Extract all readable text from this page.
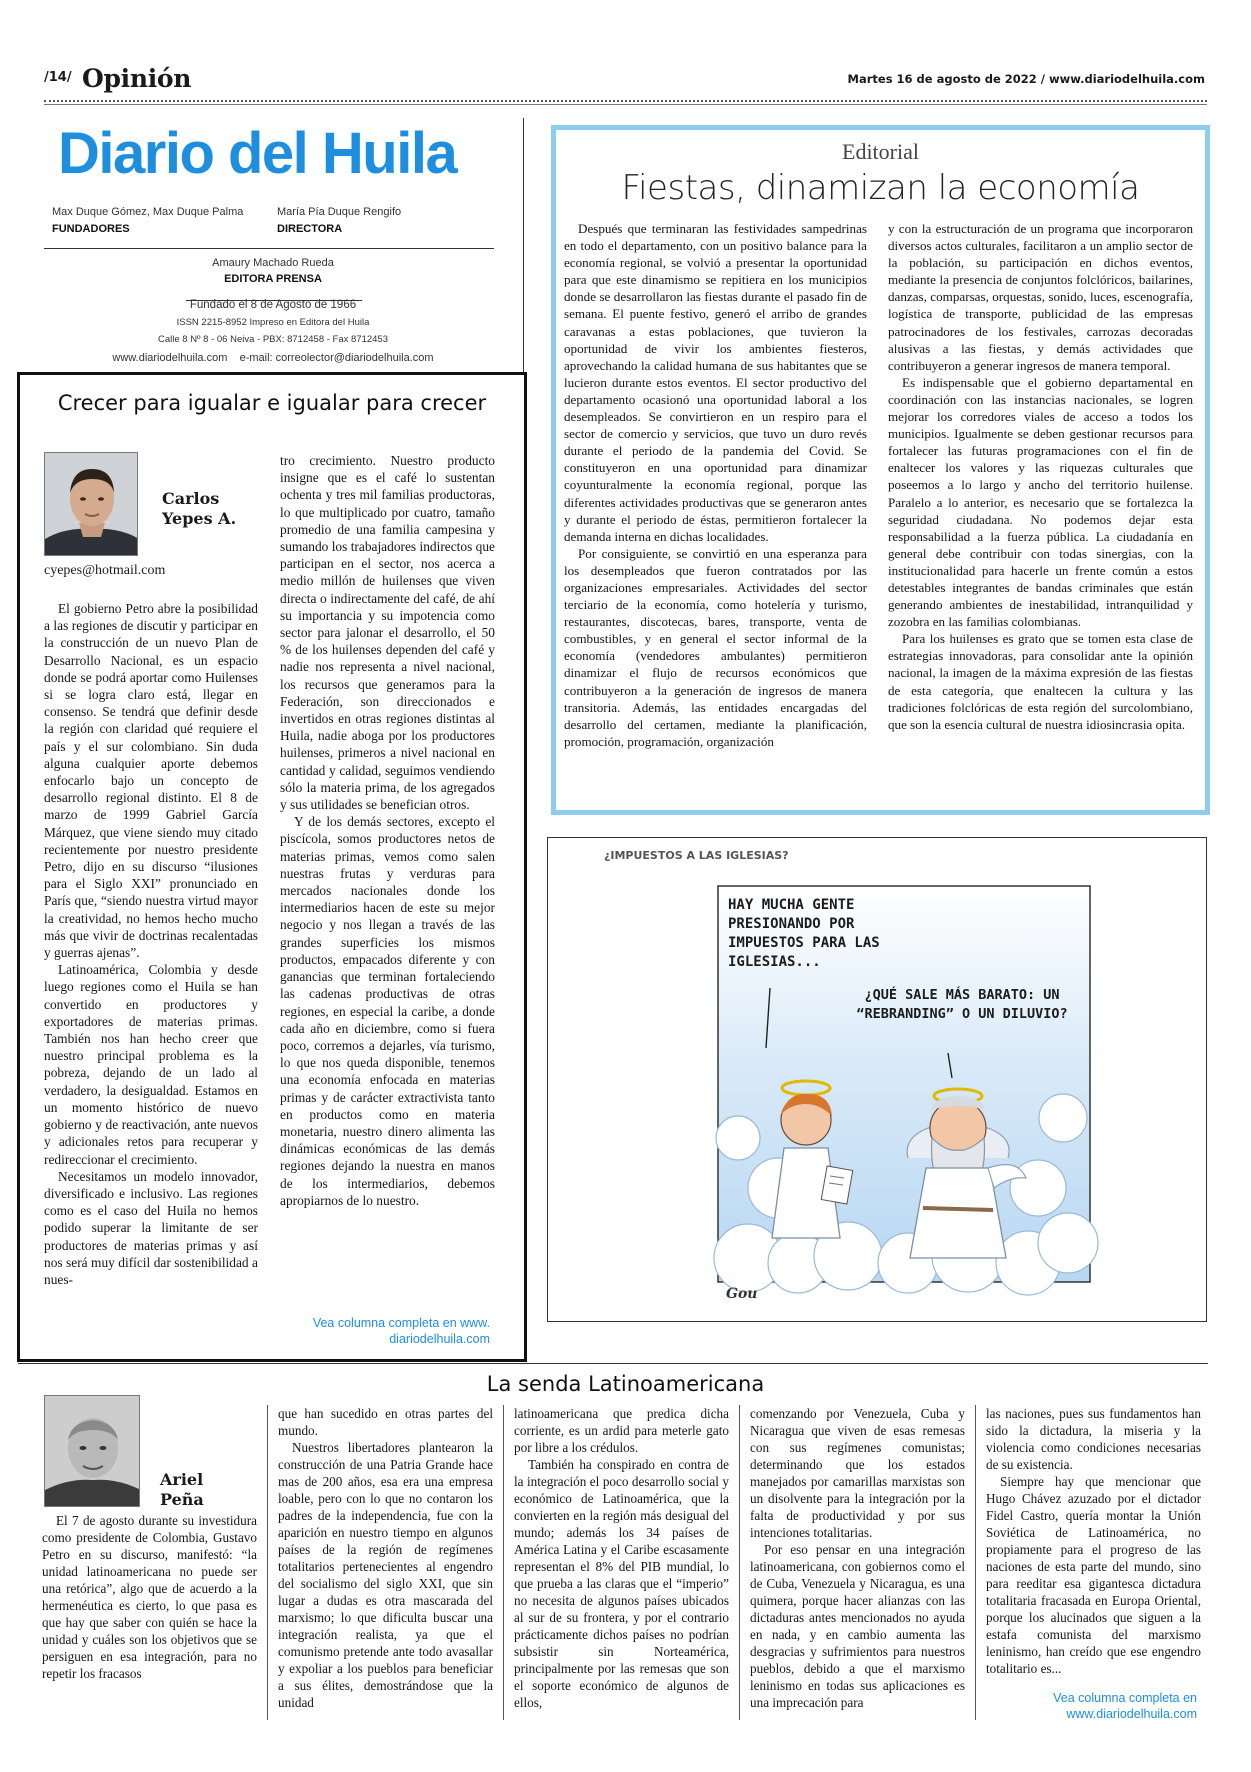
/14/ Opinión	Martes 16 de agosto de 2022 / www.diariodelhuila.com
Diario del Huila
Max Duque Gómez, Max Duque Palma
FUNDADORES
María Pía Duque Rengifo
DIRECTORA
Amaury Machado Rueda
EDITORA PRENSA
Fundado el 8 de Agosto de 1966
ISSN 2215-8952 Impreso en Editora del Huila
Calle 8 Nº 8 - 06 Neiva - PBX: 8712458 - Fax 8712453
www.diariodelhuila.com    e-mail: correolector@diariodelhuila.com
Editorial
Fiestas, dinamizan la economía

Después que terminaran las festividades sampedrinas en todo el departamento, con un positivo balance para la economía regional, se volvió a presentar la oportunidad para que este dinamismo se repitiera en los municipios donde se desarrollaron las fiestas durante el pasado fin de semana. El puente festivo, generó el arribo de grandes caravanas a estas poblaciones, que tuvieron la oportunidad de vivir los ambientes fiesteros, aprovechando la calidad humana de sus habitantes que se lucieron durante estos eventos. El sector productivo del departamento ocasionó una oportunidad laboral a los desempleados. Se convirtieron en un respiro para el sector de comercio y servicios, que tuvo un duro revés durante el periodo de la pandemia del Covid. Se constituyeron en una oportunidad para dinamizar coyunturalmente la economía regional, porque las diferentes actividades productivas que se generaron antes y durante el periodo de éstas, permitieron fortalecer la demanda interna en dichas localidades.

Por consiguiente, se convirtió en una esperanza para los desempleados que fueron contratados por las organizaciones empresariales. Actividades del sector terciario de la economía, como hotelería y turismo, restaurantes, discotecas, bares, transporte, venta de combustibles, y en general el sector informal de la economía (vendedores ambulantes) permitieron dinamizar el flujo de recursos económicos que contribuyeron a la generación de ingresos de manera transitoria. Además, las entidades encargadas del desarrollo del certamen, mediante la planificación, promoción, programación, organización

y con la estructuración de un programa que incorporaron diversos actos culturales, facilitaron a un amplio sector de la población, su participación en dichos eventos, mediante la presencia de conjuntos folclóricos, bailarines, danzas, comparsas, orquestas, sonido, luces, escenografía, logística de transporte, publicidad de las empresas patrocinadores de los festivales, carrozas decoradas alusivas a las fiestas, y demás actividades que contribuyeron a generar ingresos de manera temporal.

Es indispensable que el gobierno departamental en coordinación con las instancias nacionales, se logren mejorar los corredores viales de acceso a todos los municipios. Igualmente se deben gestionar recursos para fortalecer las futuras programaciones con el fin de enaltecer los valores y las riquezas culturales que poseemos a lo largo y ancho del territorio huilense. Paralelo a lo anterior, es necesario que se fortalezca la seguridad ciudadana. No podemos dejar esta responsabilidad a la fuerza pública. La ciudadanía en general debe contribuir con todas sinergias, con la institucionalidad para hacerle un frente común a estos detestables integrantes de bandas criminales que están generando ambientes de inestabilidad, intranquilidad y zozobra en las familias colombianas.

Para los huilenses es grato que se tomen esta clase de estrategias innovadoras, para consolidar ante la opinión nacional, la imagen de la máxima expresión de las fiestas de esta categoría, que enaltecen la cultura y las tradiciones folclóricas de esta región del surcolombiano, que son la esencia cultural de nuestra idiosincrasia opita.

Crecer para igualar e igualar para crecer
Carlos
Yepes A.
cyepes@hotmail.com

El gobierno Petro abre la posibilidad a las regiones de discutir y participar en la construcción de un nuevo Plan de Desarrollo Nacional, es un espacio donde se podrá aportar como Huilenses si se logra claro está, llegar en consenso. Se tendrá que definir desde la región con claridad qué requiere el país y el sur colombiano. Sin duda alguna cualquier aporte debemos enfocarlo bajo un concepto de desarrollo regional distinto. El 8 de marzo de 1999 Gabriel García Márquez, que viene siendo muy citado recientemente por nuestro presidente Petro, dijo en su discurso “ilusiones para el Siglo XXI” pronunciado en París que, “siendo nuestra virtud mayor la creatividad, no hemos hecho mucho más que vivir de doctrinas recalentadas y guerras ajenas”.

Latinoamérica, Colombia y desde luego regiones como el Huila se han convertido en productores y exportadores de materias primas. También nos han hecho creer que nuestro principal problema es la pobreza, dejando de un lado al verdadero, la desigualdad. Estamos en un momento histórico de nuevo gobierno y de reactivación, ante nuevos y adicionales retos para recuperar y redireccionar el crecimiento.

Necesitamos un modelo innovador, diversificado e inclusivo. Las regiones como es el caso del Huila no hemos podido superar la limitante de ser productores de materias primas y así nos será muy difícil dar sostenibilidad a nues-

tro crecimiento. Nuestro producto insigne que es el café lo sustentan ochenta y tres mil familias productoras, lo que multiplicado por cuatro, tamaño promedio de una familia campesina y sumando los trabajadores indirectos que participan en el sector, nos acerca a medio millón de huilenses que viven directa o indirectamente del café, de ahí su importancia y su impotencia como sector para jalonar el desarrollo, el 50 % de los huilenses dependen del café y nadie nos representa a nivel nacional, los recursos que generamos para la Federación, son direccionados e invertidos en otras regiones distintas al Huila, nadie aboga por los productores huilenses, primeros a nivel nacional en cantidad y calidad, seguimos vendiendo sólo la materia prima, de los agregados y sus utilidades se benefician otros.

Y de los demás sectores, excepto el piscícola, somos productores netos de materias primas, vemos como salen nuestras frutas y verduras para mercados nacionales donde los intermediarios hacen de este su mejor negocio y nos llegan a través de las grandes superficies los mismos productos, empacados diferente y con ganancias que terminan fortaleciendo las cadenas productivas de otras regiones, en especial la caribe, a donde cada año en diciembre, como si fuera poco, corremos a dejarles, vía turismo, lo que nos queda disponible, tenemos una economía enfocada en materias primas y de carácter extractivista tanto en productos como en materia monetaria, nuestro dinero alimenta las dinámicas económicas de las demás regiones dejando la nuestra en manos de los intermediarios, debemos apropiarnos de lo nuestro.

Vea columna completa en www. diariodelhuila.com
¿IMPUESTOS A LAS IGLESIAS?
HAY MUCHA GENTE PRESIONANDO POR IMPUESTOS PARA LAS IGLESIAS...
¿QUÉ SALE MÁS BARATO: UN “REBRANDING” O UN DILUVIO?
Gou
La senda Latinoamericana
Ariel
Peña

El 7 de agosto durante su investidura como presidente de Colombia, Gustavo Petro en su discurso, manifestó: “la unidad latinoamericana no puede ser una retórica”, algo que de acuerdo a la hermenéutica es cierto, lo que pasa es que hay que saber con quién se hace la unidad y cuáles son los objetivos que se persiguen en esa integración, para no repetir los fracasos

que han sucedido en otras partes del mundo.

Nuestros libertadores plantearon la construcción de una Patria Grande hace mas de 200 años, esa era una empresa loable, pero con lo que no contaron los padres de la independencia, fue con la aparición en nuestro tiempo en algunos países de la región de regímenes totalitarios pertenecientes al engendro del socialismo del siglo XXI, que sin lugar a dudas es otra mascarada del marxismo; lo que dificulta buscar una integración realista, ya que el comunismo pretende ante todo avasallar y expoliar a los pueblos para beneficiar a sus élites, demostrándose que la unidad

latinoamericana que predica dicha corriente, es un ardid para meterle gato por libre a los crédulos.

También ha conspirado en contra de la integración el poco desarrollo social y económico de Latinoamérica, que la convierten en la región más desigual del mundo; además los 34 países de América Latina y el Caribe escasamente representan el 8% del PIB mundial, lo que prueba a las claras que el “imperio” no necesita de algunos países ubicados al sur de su frontera, y por el contrario prácticamente dichos países no podrían subsistir sin Norteamérica, principalmente por las remesas que son el soporte económico de algunos de ellos,

comenzando por Venezuela, Cuba y Nicaragua que viven de esas remesas con sus regímenes comunistas; determinando que los estados manejados por camarillas marxistas son un disolvente para la integración por la falta de productividad y por sus intenciones totalitarias.

Por eso pensar en una integración latinoamericana, con gobiernos como el de Cuba, Venezuela y Nicaragua, es una quimera, porque hacer alianzas con las dictaduras antes mencionados no ayuda en nada, y en cambio aumenta las desgracias y sufrimientos para nuestros pueblos, debido a que el marxismo leninismo en todas sus aplicaciones es una imprecación para

las naciones, pues sus fundamentos han sido la dictadura, la miseria y la violencia como condiciones necesarias de su existencia.

Siempre hay que mencionar que Hugo Chávez azuzado por el dictador Fidel Castro, quería montar la Unión Soviética de Latinoamérica, no propiamente para el progreso de las naciones de esta parte del mundo, sino para reeditar esa gigantesca dictadura totalitaria fracasada en Europa Oriental, porque los alucinados que siguen a la estafa comunista del marxismo leninismo, han creído que ese engendro totalitario es...

Vea columna completa en www.diariodelhuila.com
